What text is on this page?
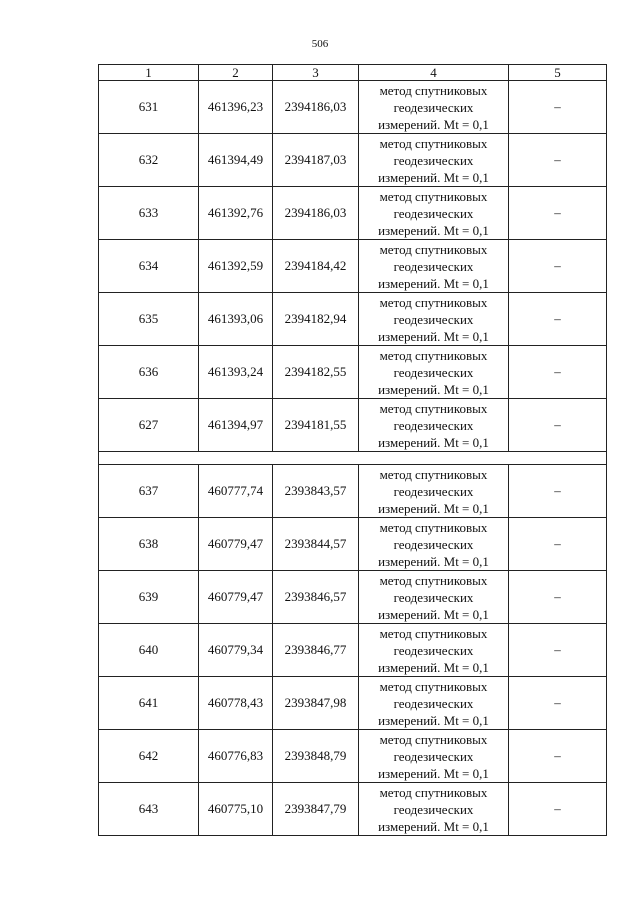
506
1	2	3	4	5
631	461396,23	2394186,03	метод спутниковых
геодезических
измерений. Mt = 0,1	–
632	461394,49	2394187,03	метод спутниковых
геодезических
измерений. Mt = 0,1	–
633	461392,76	2394186,03	метод спутниковых
геодезических
измерений. Mt = 0,1	–
634	461392,59	2394184,42	метод спутниковых
геодезических
измерений. Mt = 0,1	–
635	461393,06	2394182,94	метод спутниковых
геодезических
измерений. Mt = 0,1	–
636	461393,24	2394182,55	метод спутниковых
геодезических
измерений. Mt = 0,1	–
627	461394,97	2394181,55	метод спутниковых
геодезических
измерений. Mt = 0,1	–

637	460777,74	2393843,57	метод спутниковых
геодезических
измерений. Mt = 0,1	–
638	460779,47	2393844,57	метод спутниковых
геодезических
измерений. Mt = 0,1	–
639	460779,47	2393846,57	метод спутниковых
геодезических
измерений. Mt = 0,1	–
640	460779,34	2393846,77	метод спутниковых
геодезических
измерений. Mt = 0,1	–
641	460778,43	2393847,98	метод спутниковых
геодезических
измерений. Mt = 0,1	–
642	460776,83	2393848,79	метод спутниковых
геодезических
измерений. Mt = 0,1	–
643	460775,10	2393847,79	метод спутниковых
геодезических
измерений. Mt = 0,1	–
